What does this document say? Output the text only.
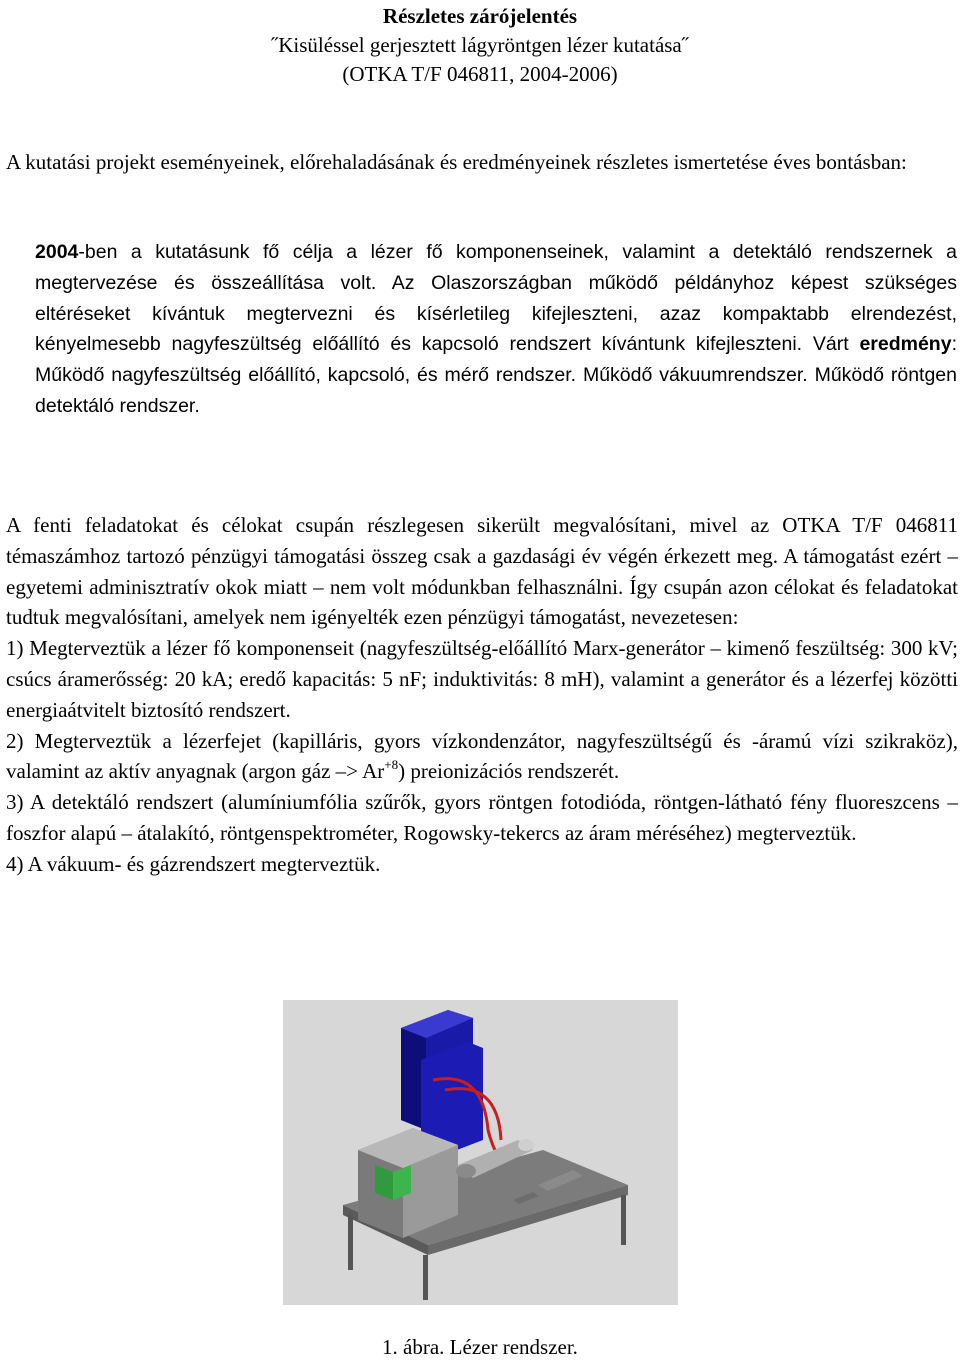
Részletes zárójelentés
˝Kisüléssel gerjesztett lágyröntgen lézer kutatása˝
(OTKA T/F 046811, 2004-2006)
A kutatási projekt eseményeinek, előrehaladásának és eredményeinek részletes ismertetése éves bontásban:
2004-ben a kutatásunk fő célja a lézer fő komponenseinek, valamint a detektáló rendszernek a megtervezése és összeállítása volt. Az Olaszországban működő példányhoz képest szükséges eltéréseket kívántuk megtervezni és kísérletileg kifejleszteni, azaz kompaktabb elrendezést, kényelmesebb nagyfeszültség előállító és kapcsoló rendszert kívántunk kifejleszteni. Várt eredmény: Működő nagyfeszültség előállító, kapcsoló, és mérő rendszer. Működő vákuumrendszer. Működő röntgen detektáló rendszer.

A fenti feladatokat és célokat csupán részlegesen sikerült megvalósítani, mivel az OTKA T/F 046811 témaszámhoz tartozó pénzügyi támogatási összeg csak a gazdasági év végén érkezett meg. A támogatást ezért – egyetemi adminisztratív okok miatt – nem volt módunkban felhasználni. Így csupán azon célokat és feladatokat tudtuk megvalósítani, amelyek nem igényelték ezen pénzügyi támogatást, nevezetesen:

1) Megterveztük a lézer fő komponenseit (nagyfeszültség-előállító Marx-generátor – kimenő feszültség: 300 kV; csúcs áramerősség: 20 kA; eredő kapacitás: 5 nF; induktivitás: 8 mH), valamint a generátor és a lézerfej közötti energiaátvitelt biztosító rendszert.

2) Megterveztük a lézerfejet (kapilláris, gyors vízkondenzátor, nagyfeszültségű és -áramú vízi szikraköz), valamint az aktív anyagnak (argon gáz –> $Ar^{+8}$) preionizációs rendszerét.

3) A detektáló rendszert (alumíniumfólia szűrők, gyors röntgen fotodióda, röntgen-látható fény fluoreszcens – foszfor alapú – átalakító, röntgenspektrométer, Rogowsky-tekercs az áram méréséhez) megterveztük.

4) A vákuum- és gázrendszert megterveztük.

1. ábra. Lézer rendszer.
